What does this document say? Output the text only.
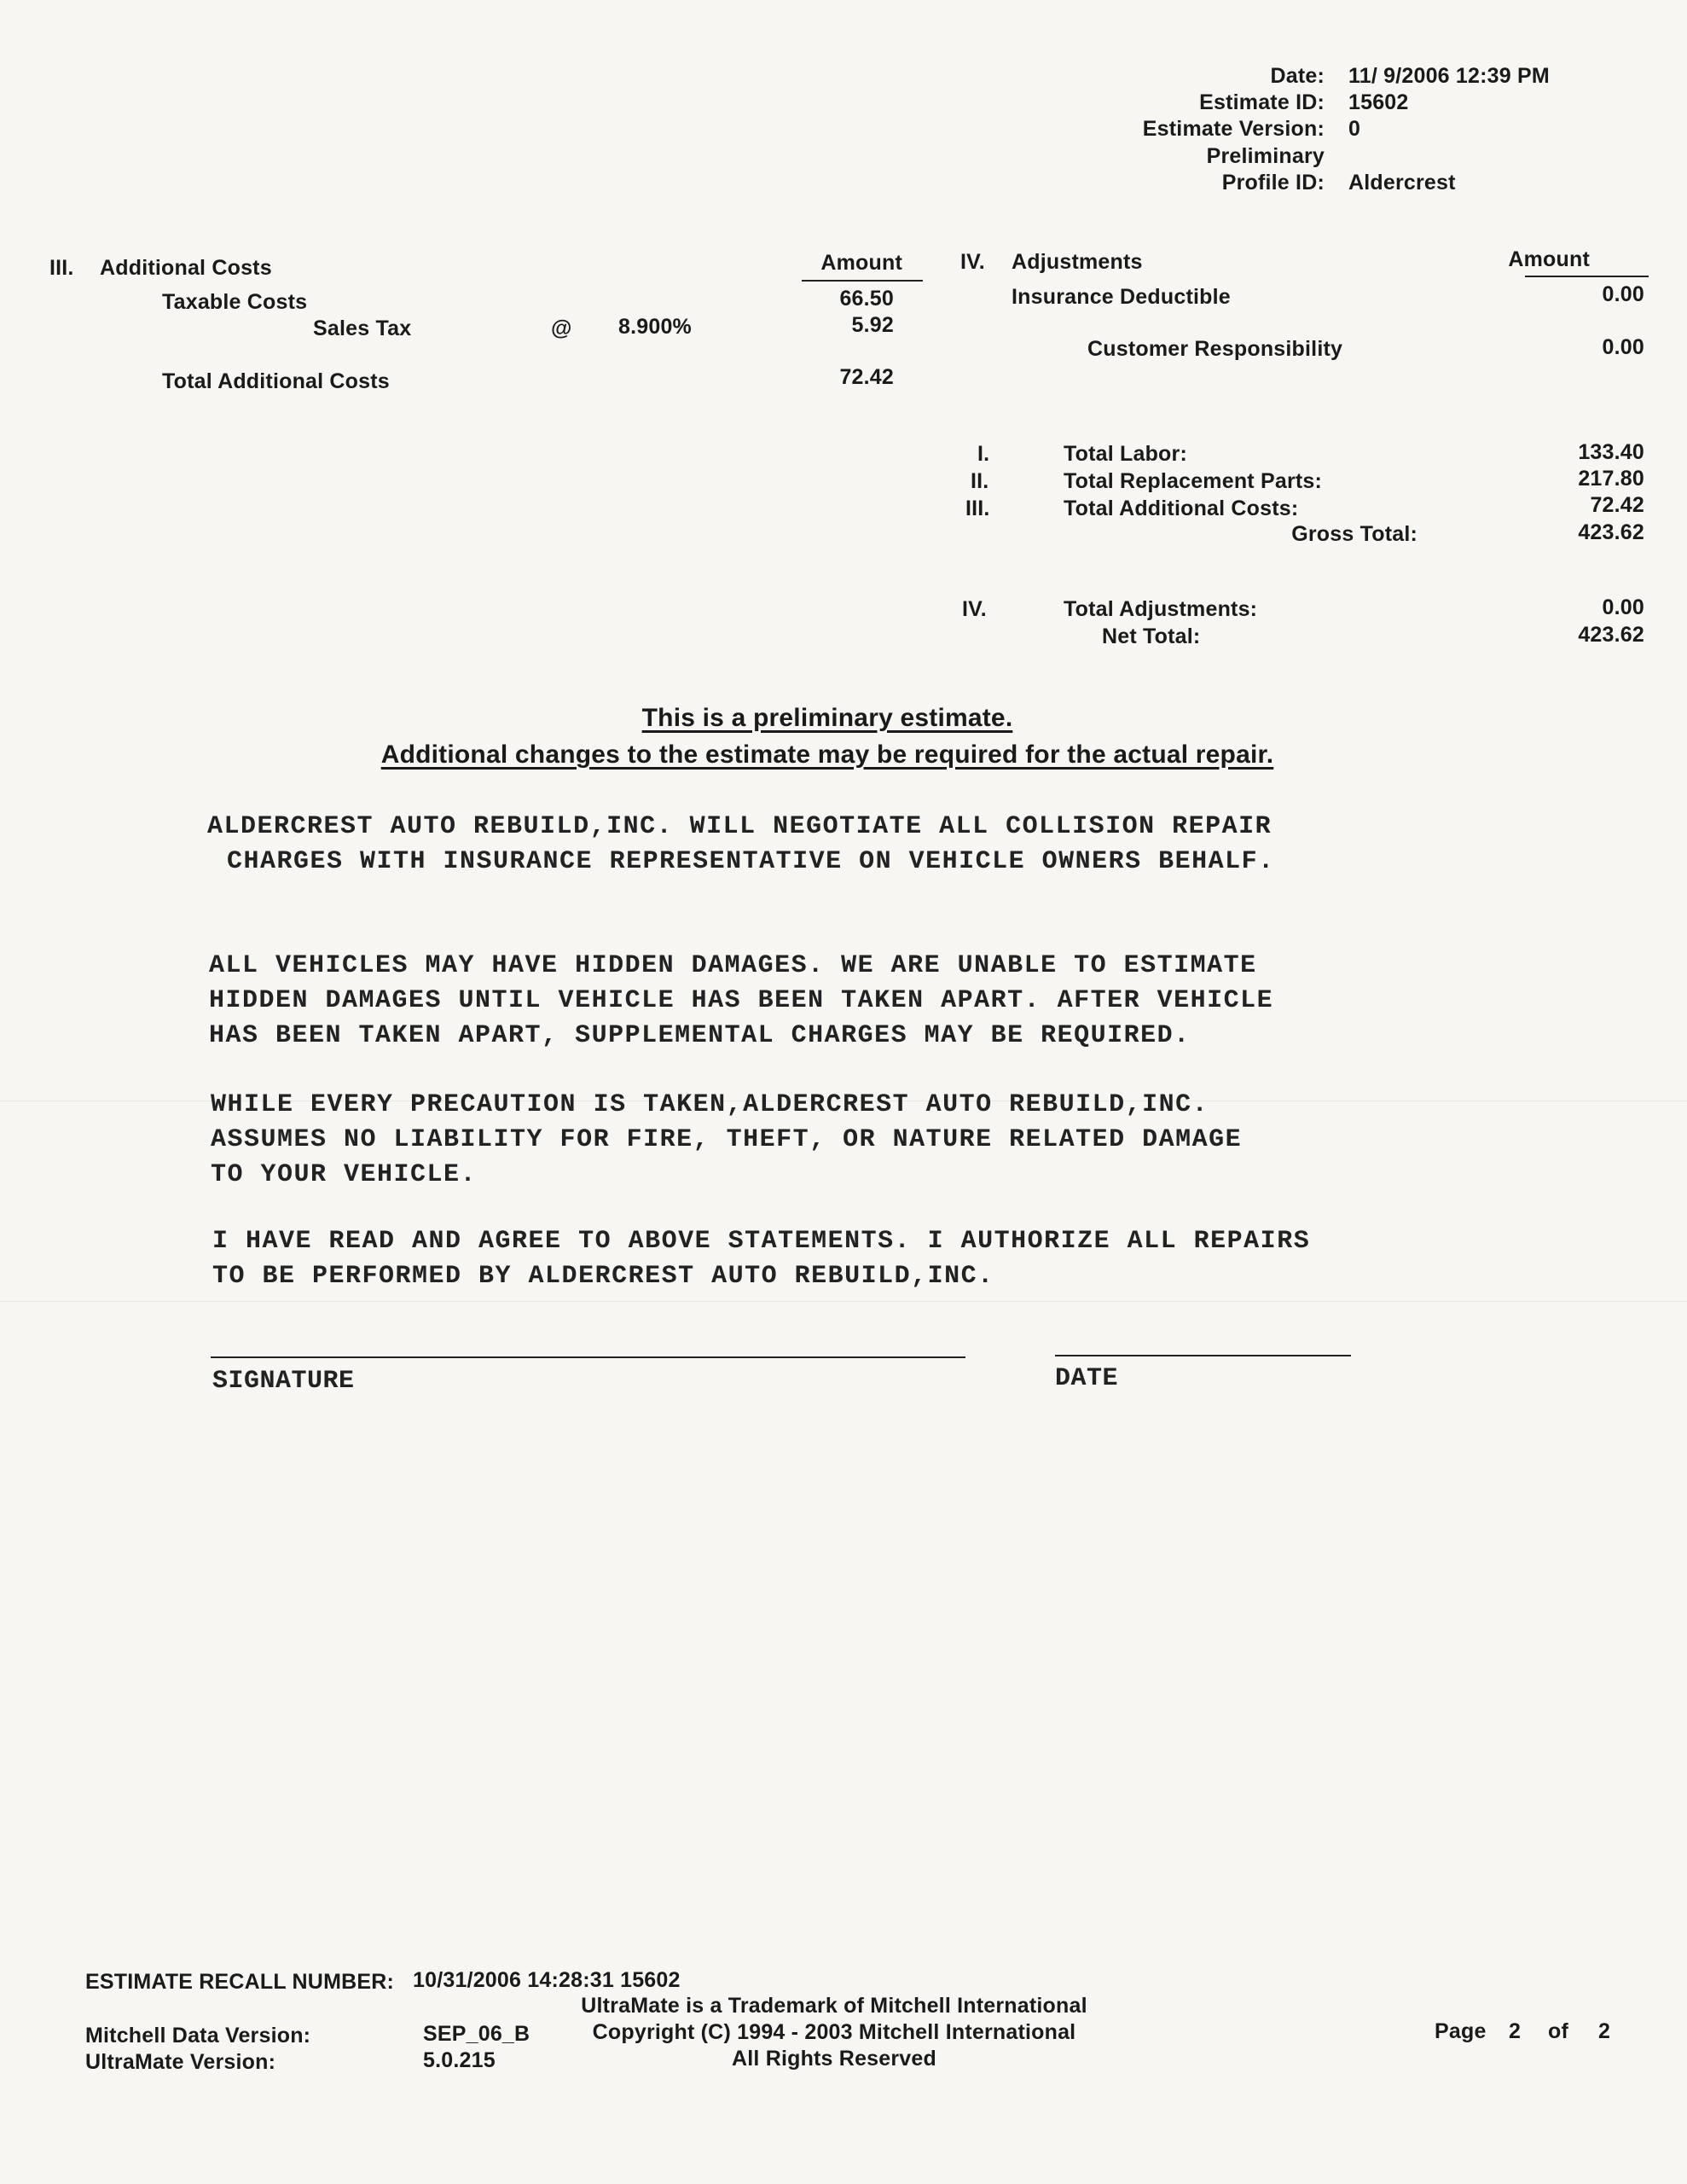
Date: 11/ 9/2006 12:39 PM
Estimate ID: 15602
Estimate Version: 0
Preliminary
Profile ID: Aldercrest
III. Additional Costs	Amount
Taxable Costs	66.50
Sales Tax	@ 8.900%	5.92
Total Additional Costs	72.42
IV. Adjustments	Amount
Insurance Deductible	0.00
Customer Responsibility	0.00
I.	Total Labor:	133.40
II.	Total Replacement Parts:	217.80
III.	Total Additional Costs:	72.42
Gross Total:	423.62
IV.	Total Adjustments:	0.00
Net Total:	423.62
This is a preliminary estimate.
Additional changes to the estimate may be required for the actual repair.
ALDERCREST AUTO REBUILD,INC. WILL NEGOTIATE ALL COLLISION REPAIR
CHARGES WITH INSURANCE REPRESENTATIVE ON VEHICLE OWNERS BEHALF.
ALL VEHICLES MAY HAVE HIDDEN DAMAGES. WE ARE UNABLE TO ESTIMATE
HIDDEN DAMAGES UNTIL VEHICLE HAS BEEN TAKEN APART. AFTER VEHICLE
HAS BEEN TAKEN APART, SUPPLEMENTAL CHARGES MAY BE REQUIRED.
WHILE EVERY PRECAUTION IS TAKEN,ALDERCREST AUTO REBUILD,INC.
ASSUMES NO LIABILITY FOR FIRE, THEFT, OR NATURE RELATED DAMAGE
TO YOUR VEHICLE.
I HAVE READ AND AGREE TO ABOVE STATEMENTS. I AUTHORIZE ALL REPAIRS
TO BE PERFORMED BY ALDERCREST AUTO REBUILD,INC.
SIGNATURE	DATE
ESTIMATE RECALL NUMBER: 10/31/2006 14:28:31 15602
UltraMate is a Trademark of Mitchell International
Copyright (C) 1994 - 2003 Mitchell International
All Rights Reserved
Mitchell Data Version:	SEP_06_B
UltraMate Version:	5.0.215
Page 2 of 2
